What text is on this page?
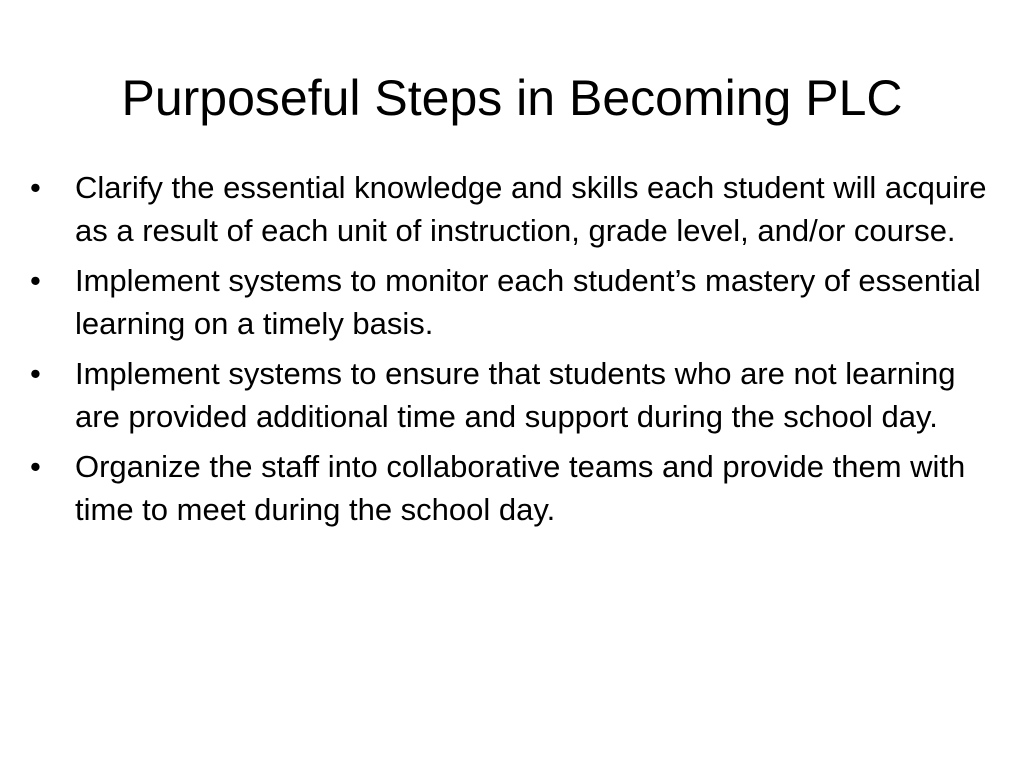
Purposeful Steps in Becoming PLC
•	Clarify the essential knowledge and skills each student will acquire as a result of each unit of instruction, grade level, and/or course.
•	Implement systems to monitor each student’s mastery of essential learning on a timely basis.
•	Implement systems to ensure that students who are not learning are provided additional time and support during the school day.
•	Organize the staff into collaborative teams and provide them with time to meet during the school day.
